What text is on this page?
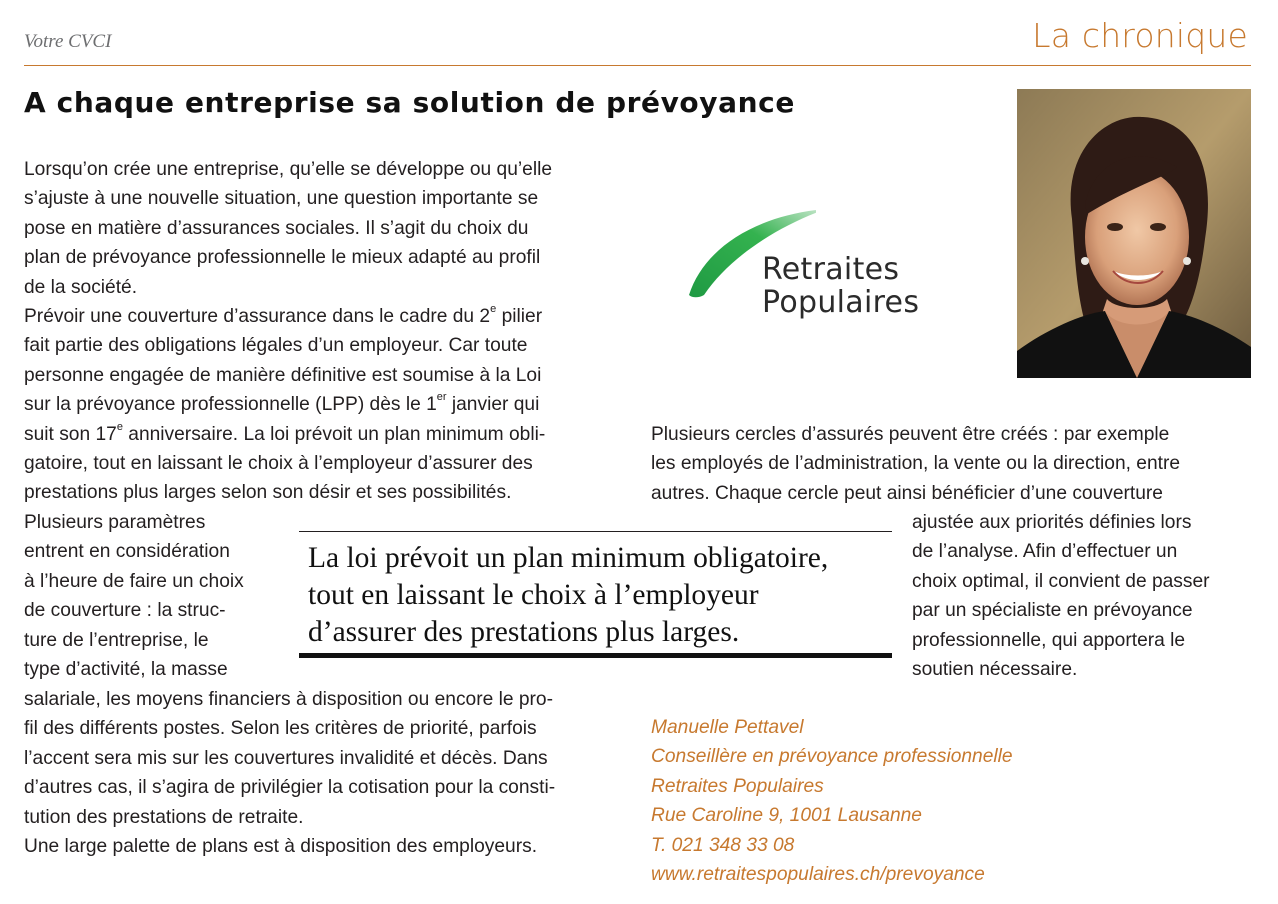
Votre CVCI	La chronique
A chaque entreprise sa solution de prévoyance
Lorsqu’on crée une entreprise, qu’elle se développe ou qu’elle
s’ajuste à une nouvelle situation, une question importante se
pose en matière d’assurances sociales. Il s’agit du choix du
plan de prévoyance professionnelle le mieux adapté au profil
de la société.
Prévoir une couverture d’assurance dans le cadre du 2e pilier
fait partie des obligations légales d’un employeur. Car toute
personne engagée de manière définitive est soumise à la Loi
sur la prévoyance professionnelle (LPP) dès le 1er janvier qui
suit son 17e anniversaire. La loi prévoit un plan minimum obli-
gatoire, tout en laissant le choix à l’employeur d’assurer des
prestations plus larges selon son désir et ses possibilités.
Plusieurs paramètres
entrent en considération
à l’heure de faire un choix
de couverture : la struc-
ture de l’entreprise, le
type d’activité, la masse
salariale, les moyens financiers à disposition ou encore le pro-
fil des différents postes. Selon les critères de priorité, parfois
l’accent sera mis sur les couvertures invalidité et décès. Dans
d’autres cas, il s’agira de privilégier la cotisation pour la consti-
tution des prestations de retraite.
Une large palette de plans est à disposition des employeurs.
Retraites
Populaires
Plusieurs cercles d’assurés peuvent être créés : par exemple
les employés de l’administration, la vente ou la direction, entre
autres. Chaque cercle peut ainsi bénéficier d’une couverture
ajustée aux priorités définies lors
de l’analyse. Afin d’effectuer un
choix optimal, il convient de passer
par un spécialiste en prévoyance
professionnelle, qui apportera le
soutien nécessaire.
La loi prévoit un plan minimum obligatoire,
tout en laissant le choix à l’employeur
d’assurer des prestations plus larges.
Manuelle Pettavel
Conseillère en prévoyance professionnelle
Retraites Populaires
Rue Caroline 9, 1001 Lausanne
T. 021 348 33 08
www.retraitespopulaires.ch/prevoyance
